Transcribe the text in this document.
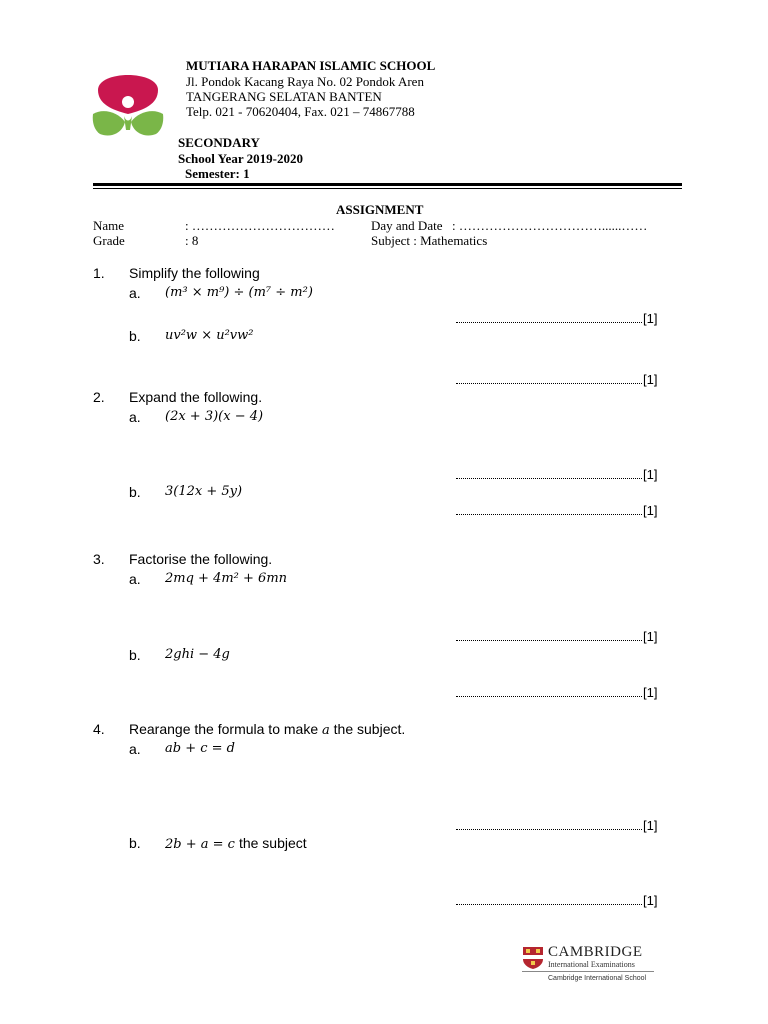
MUTIARA HARAPAN ISLAMIC SCHOOL
Jl. Pondok Kacang Raya No. 02 Pondok Aren
TANGERANG SELATAN BANTEN
Telp. 021 - 70620404, Fax. 021 – 74867788
SECONDARY
School Year 2019-2020
Semester: 1
ASSIGNMENT
Name	: ……………………………	Day and Date : ……………………………......……
Grade	: 8	Subject : Mathematics
1. Simplify the following
a. (m³ × m⁹) ÷ (m⁷ ÷ m²)
[1]
b. uv²w × u²vw²
[1]
2. Expand the following.
a. (2x + 3)(x − 4)
[1]
b. 3(12x + 5y)
[1]
3. Factorise the following.
a. 2mq + 4m² + 6mn
[1]
b. 2ghi − 4g
[1]
4. Rearange the formula to make a the subject.
a. ab + c = d
[1]
b. 2b + a = c the subject
[1]
CAMBRIDGE
International Examinations
Cambridge International School
